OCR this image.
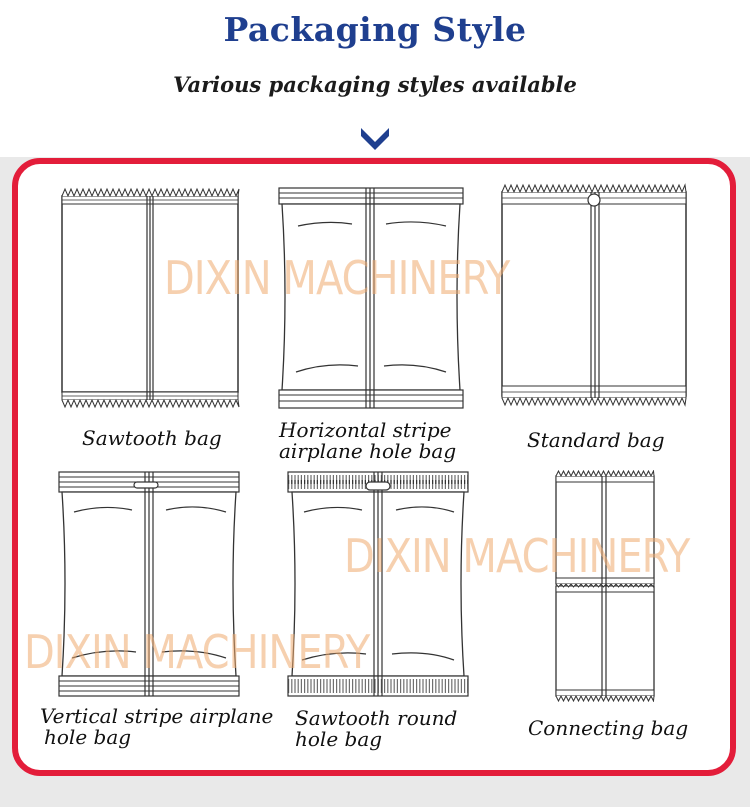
Packaging Style
Various packaging styles available
Sawtooth bag	Horizontal stripe
airplane hole bag	Standard bag
Vertical stripe airplane
hole bag
Sawtooth round
hole bag	Connecting bag
DIXIN MACHINERY
DIXIN MACHINERY
DIXIN MACHINERY
